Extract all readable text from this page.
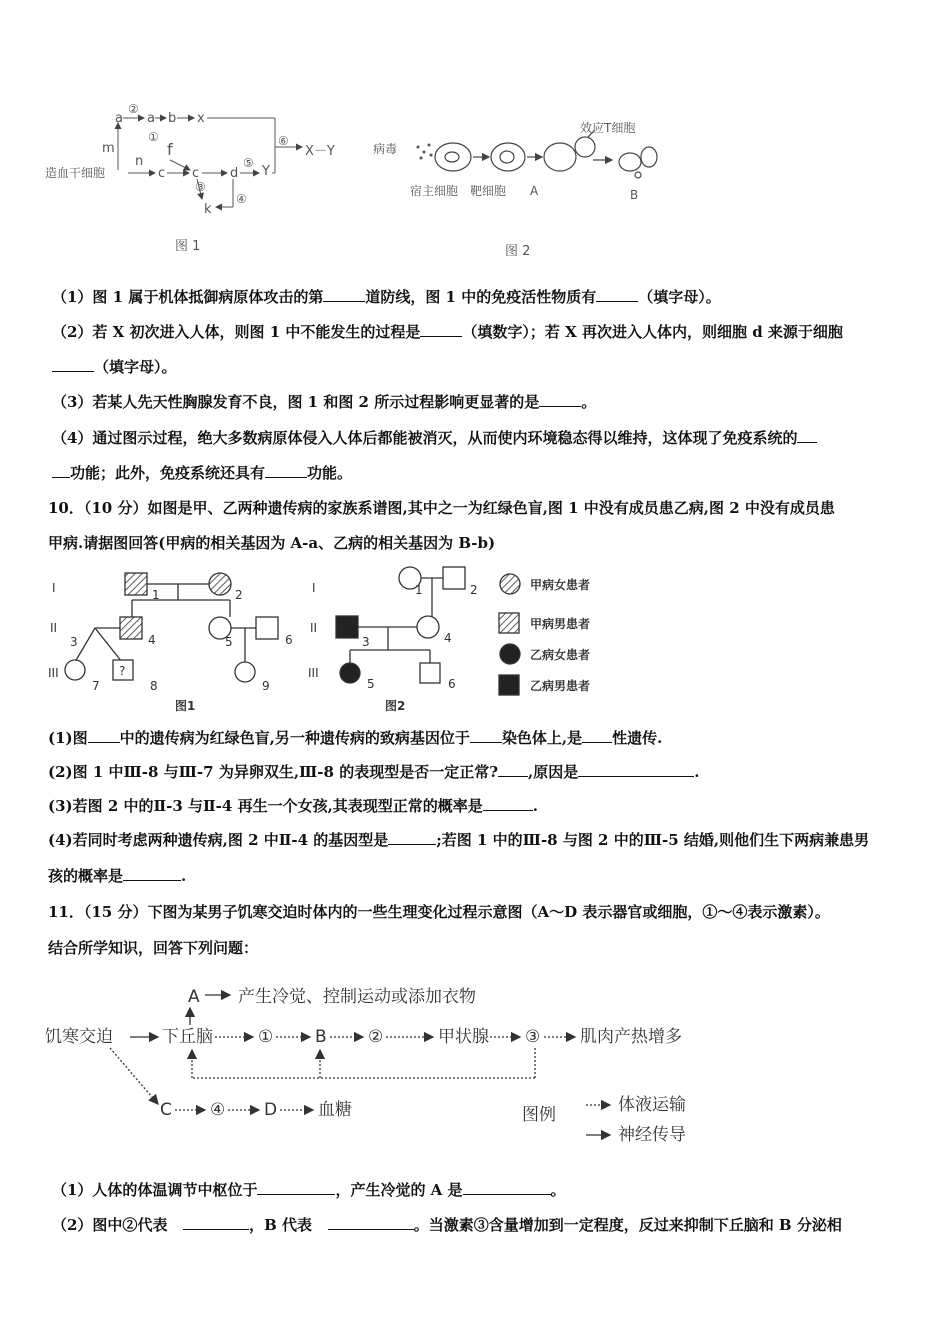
a
②
a b x
①
f
m
造血干细胞
n
c c d
⑤
Y
③
k
④
⑥
X－Y
图 1
病毒
宿主细胞 靶细胞 A	B
效应T细胞
图 2
（1）图 1 属于机体抵御病原体攻击的第	道防线，图 1 中的免疫活性物质有	（填字母）。
（2）若 X 初次进入人体，则图 1 中不能发生的过程是	（填数字）；若 X 再次进入人体内，则细胞 d 来源于细胞
（填字母）。
（3）若某人先天性胸腺发育不良，图 1 和图 2 所示过程影响更显著的是	。
（4）通过图示过程，绝大多数病原体侵入人体后都能被消灭，从而使内环境稳态得以维持，这体现了免疫系统的
功能；此外，免疫系统还具有	功能。
10．（10 分）如图是甲、乙两种遗传病的家族系谱图,其中之一为红绿色盲,图 1 中没有成员患乙病,图 2 中没有成员患
甲病.请据图回答(甲病的相关基因为 A-a、乙病的相关基因为 B-b)
I
II
III
I
II
III
1	2
3	4	5	6
7
?
8	9
图1
1	2
3	4
5	6
图2
甲病女患者
甲病男患者
乙病女患者
乙病男患者
(1)图 中的遗传病为红绿色盲,另一种遗传病的致病基因位于 染色体上,是 性遗传.
(2)图 1 中Ⅲ-8 与Ⅲ-7 为异卵双生,Ⅲ-8 的表现型是否一定正常? ,原因是	.
(3)若图 2 中的Ⅱ-3 与Ⅱ-4 再生一个女孩,其表现型正常的概率是	.
(4)若同时考虑两种遗传病,图 2 中Ⅱ-4 的基因型是	;若图 1 中的Ⅲ-8 与图 2 中的Ⅲ-5 结婚,则他们生下两病兼患男
孩的概率是	.
11．（15 分）下图为某男子饥寒交迫时体内的一些生理变化过程示意图（A～D 表示器官或细胞，①～④表示激素）。
结合所学知识，回答下列问题：
A 产生冷觉、控制运动或添加衣物
饥寒交迫	下丘脑	① B ②	甲状腺 ③ 肌肉产热增多
C ④ D 血糖	图例	体液运输
神经传导
（1）人体的体温调节中枢位于	，产生冷觉的 A 是	。
（2）图中②代表	，B 代表	。当激素③含量增加到一定程度，反过来抑制下丘脑和 B 分泌相
